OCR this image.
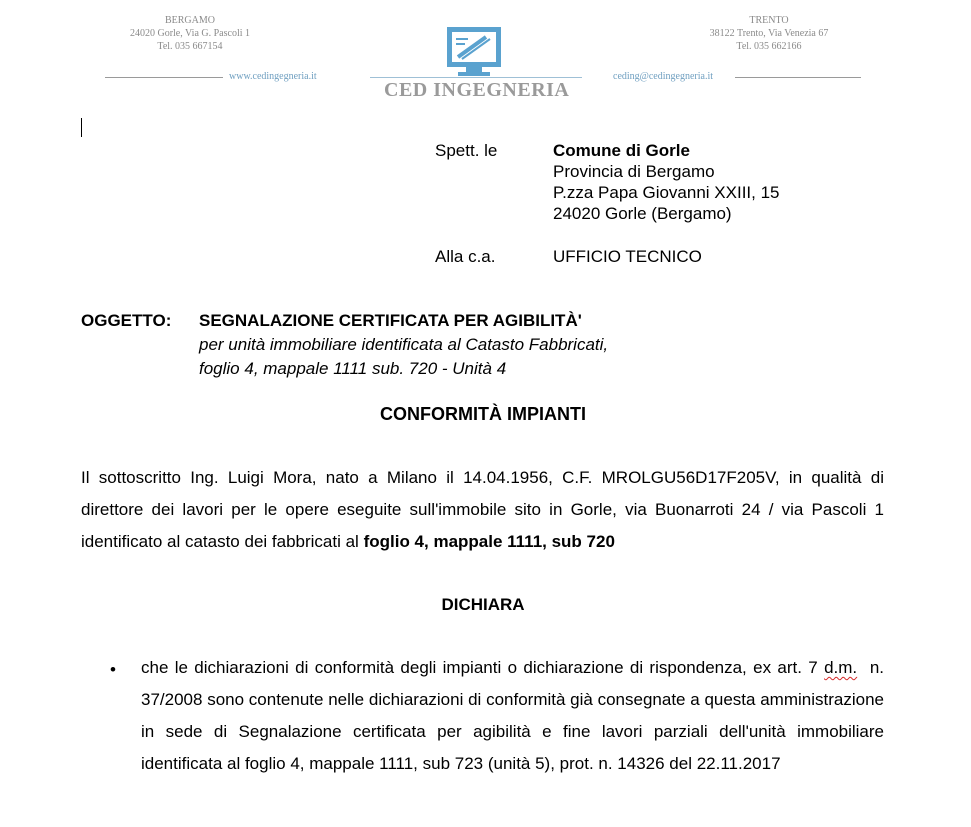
BERGAMO
24020 Gorle, Via G. Pascoli 1
Tel. 035 667154
TRENTO
38122 Trento, Via Venezia 67
Tel. 035 662166
www.cedingegneria.it	ceding@cedingegneria.it
CED INGEGNERIA
Spett. le	Comune di Gorle
Provincia di Bergamo
P.zza Papa Giovanni XXIII, 15
24020 Gorle (Bergamo)
Alla c.a.	UFFICIO TECNICO
OGGETTO: SEGNALAZIONE CERTIFICATA PER AGIBILITÀ'
per unità immobiliare identificata al Catasto Fabbricati,
foglio 4, mappale 1111 sub. 720 - Unità 4
CONFORMITÀ IMPIANTI
Il sottoscritto Ing. Luigi Mora, nato a Milano il 14.04.1956, C.F. MROLGU56D17F205V, in qualità di direttore dei lavori per le opere eseguite sull'immobile sito in Gorle, via Buonarroti 24 / via Pascoli 1 identificato al catasto dei fabbricati al foglio 4, mappale 1111, sub 720
DICHIARA
• che le dichiarazioni di conformità degli impianti o dichiarazione di rispondenza, ex art. 7 d.m.  n. 37/2008 sono contenute nelle dichiarazioni di conformità già consegnate a questa amministrazione in sede di Segnalazione certificata per agibilità e fine lavori parziali dell'unità immobiliare identificata al foglio 4, mappale 1111, sub 723 (unità 5), prot. n. 14326 del 22.11.2017
